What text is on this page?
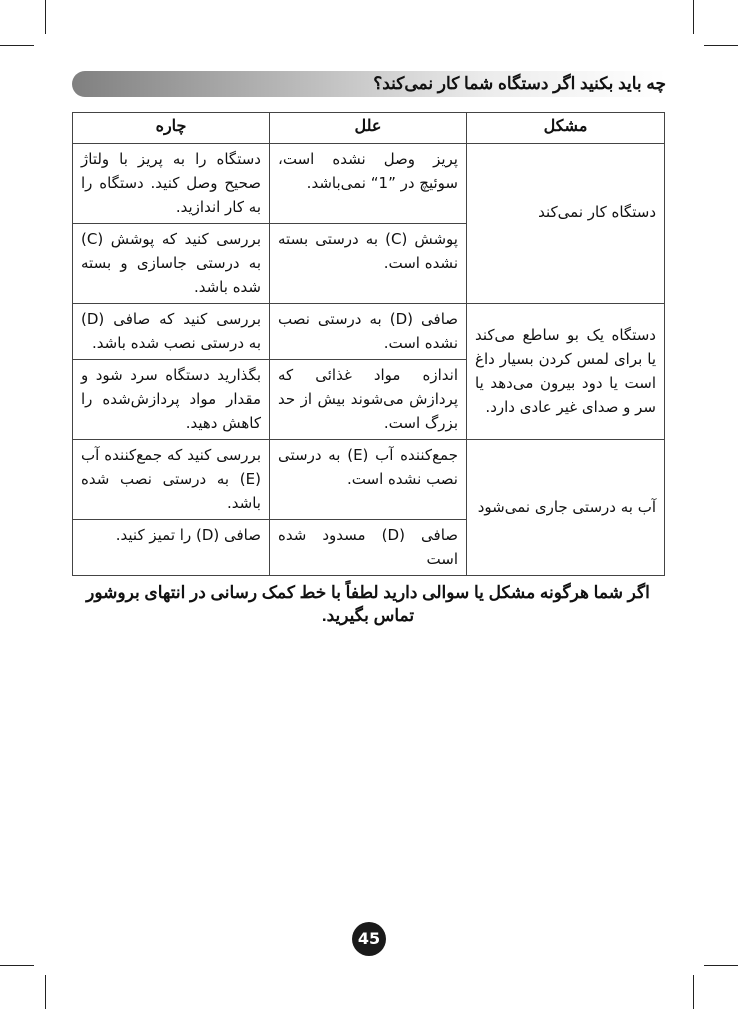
چه باید بکنید اگر دستگاه شما کار نمی‌کند؟
مشکل	علل	چاره
دستگاه کار نمی‌کند	پریز وصل نشده است، سوئیچ در ”1“ نمی‌باشد.	دستگاه را به پریز با ولتاژ صحیح وصل کنید. دستگاه را به کار اندازید.
	پوشش (C) به درستی بسته نشده است.	بررسی کنید که پوشش (C) به درستی جاسازی و بسته شده باشد.
دستگاه یک بو ساطع می‌کند یا برای لمس کردن بسیار داغ است یا دود بیرون می‌دهد یا سر و صدای غیر عادی دارد.	صافی (D) به درستی نصب نشده است.	بررسی کنید که صافی (D) به درستی نصب شده باشد.
	اندازه مواد غذائی که پردازش می‌شوند بیش از حد بزرگ است.	بگذارید دستگاه سرد شود و مقدار مواد پردازش‌شده را کاهش دهید.
آب به درستی جاری نمی‌شود	جمع‌کننده آب (E) به درستی نصب نشده است.	بررسی کنید که جمع‌کننده آب (E) به درستی نصب شده باشد.
	صافی (D) مسدود شده است	صافی (D) را تمیز کنید.
اگر شما هرگونه مشکل یا سوالی دارید لطفاً با خط کمک رسانی در انتهای بروشور تماس بگیرید.
45
